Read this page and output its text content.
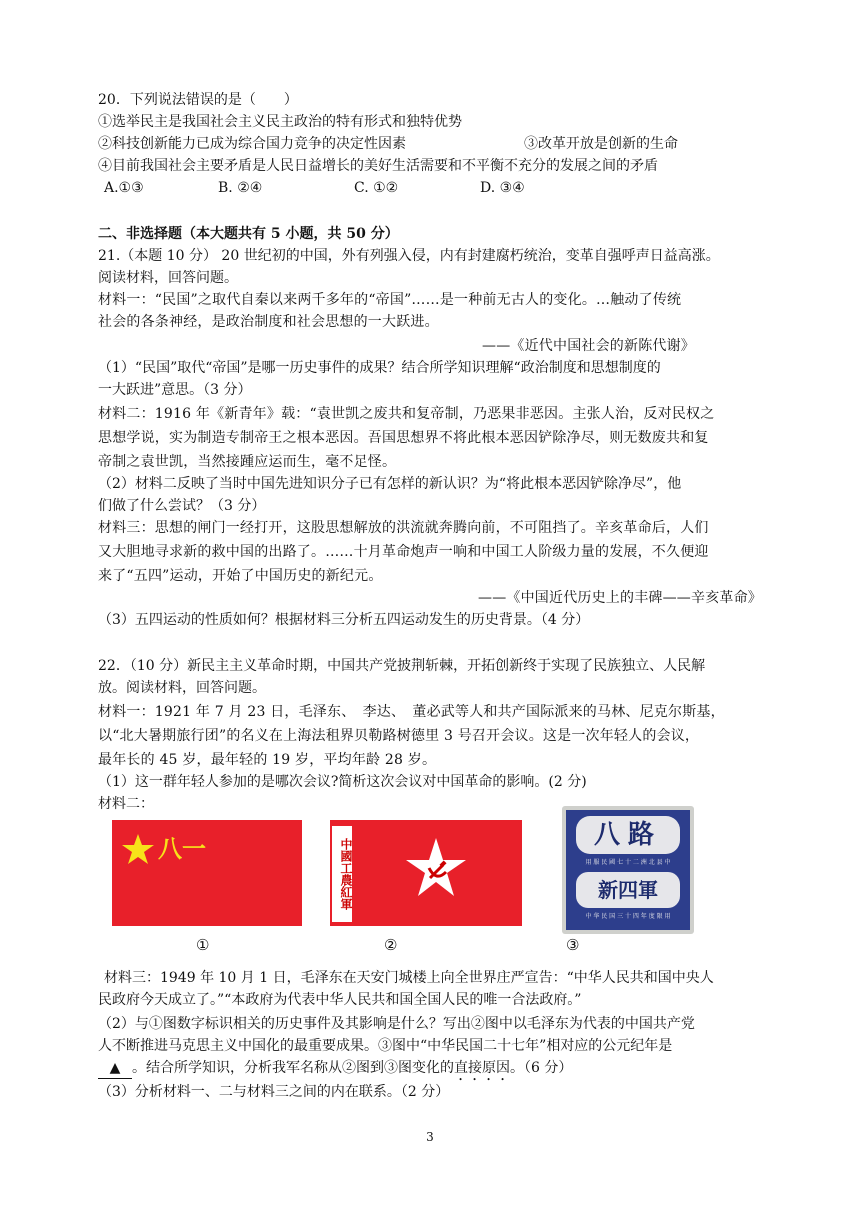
20．下列说法错误的是（　　）
①选举民主是我国社会主义民主政治的特有形式和独特优势
②科技创新能力已成为综合国力竞争的决定性因素	③改革开放是创新的生命
④目前我国社会主要矛盾是人民日益增长的美好生活需要和不平衡不充分的发展之间的矛盾
A.①③	B. ②④	C. ①②	D. ③④
二、非选择题（本大题共有 5 小题，共 50 分）
21.（本题 10 分） 20 世纪初的中国，外有列强入侵，内有封建腐朽统治，变革自强呼声日益高涨。
阅读材料，回答问题。
材料一：“民国”之取代自秦以来两千多年的“帝国”……是一种前无古人的变化。…触动了传统
社会的各条神经，是政治制度和社会思想的一大跃进。
——《近代中国社会的新陈代谢》
（1）“民国”取代“帝国”是哪一历史事件的成果？结合所学知识理解“政治制度和思想制度的
一大跃进”意思。（3 分）
材料二：1916 年《新青年》载：“袁世凯之废共和复帝制，乃恶果非恶因。主张人治，反对民权之
思想学说，实为制造专制帝王之根本恶因。吾国思想界不将此根本恶因铲除净尽，则无数废共和复
帝制之袁世凯，当然接踵应运而生，毫不足怪。
（2）材料二反映了当时中国先进知识分子已有怎样的新认识？为“将此根本恶因铲除净尽”，他
们做了什么尝试？（3 分）
材料三：思想的闸门一经打开，这股思想解放的洪流就奔腾向前，不可阻挡了。辛亥革命后，人们
又大胆地寻求新的救中国的出路了。……十月革命炮声一响和中国工人阶级力量的发展，不久便迎
来了“五四”运动，开始了中国历史的新纪元。
——《中国近代历史上的丰碑——辛亥革命》
（3）五四运动的性质如何？根据材料三分析五四运动发生的历史背景。（4 分）
22．（10 分）新民主主义革命时期，中国共产党披荆斩棘，开拓创新终于实现了民族独立、人民解
放。阅读材料，回答问题。
材料一：1921 年 7 月 23 日，毛泽东、　李达、　董必武等人和共产国际派来的马林、尼克尔斯基，
以“北大暑期旅行团”的名义在上海法租界贝勒路树德里 3 号召开会议。这是一次年轻人的会议，
最年长的 45 岁，最年轻的 19 岁，平均年龄 28 岁。
（1）这一群年轻人参加的是哪次会议?简析这次会议对中国革命的影响。(2 分)
材料二：
八一	中國工農紅軍
八路
用 服 民 國 七 十 二 洲 北 县 中
新四軍
中 华 民 国 三 十 四 年 度 限 用
①	②	③
材料三：1949 年 10 月 1 日，毛泽东在天安门城楼上向全世界庄严宣告：“中华人民共和国中央人
民政府今天成立了。”“本政府为代表中华人民共和国全国人民的唯一合法政府。”
（2）与①图数字标识相关的历史事件及其影响是什么？写出②图中以毛泽东为代表的中国共产党
人不断推进马克思主义中国化的最重要成果。③图中“中华民国二十七年”相对应的公元纪年是
▲ 。结合所学知识，分析我军名称从②图到③图变化的直接原因。（6 分）
（3）分析材料一、二与材料三之间的内在联系。（2 分）
3
